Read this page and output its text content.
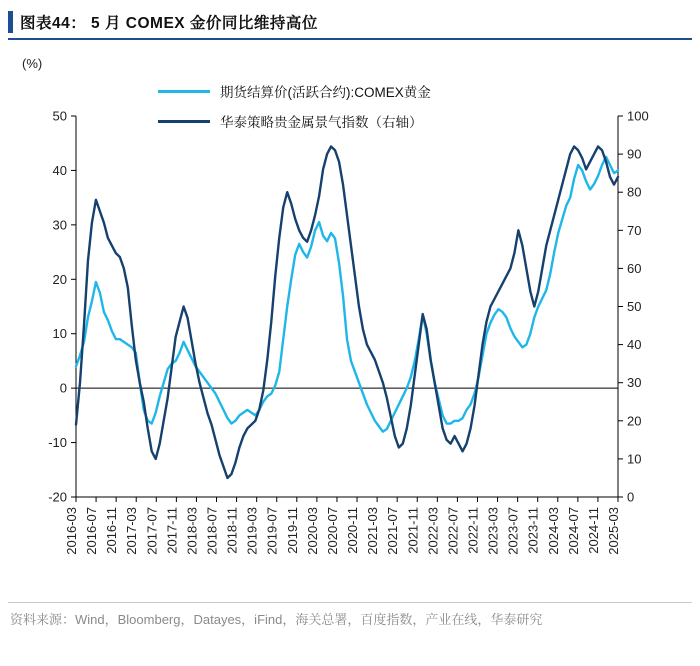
图表44： 5 月 COMEX 金价同比维持高位
(%)
期货结算价(活跃合约):COMEX黄金
华泰策略贵金属景气指数（右轴）
-20
-10
0
10
20
30
40
50
0
10
20
30
40
50
60
70
80
90
100
2016-03 2016-07 2016-11 2017-03 2017-07 2017-11 2018-03 2018-07 2018-11 2019-03 2019-07 2019-11 2020-03 2020-07 2020-11 2021-03 2021-07 2021-11 2022-03 2022-07 2022-11 2023-03 2023-07 2023-11 2024-03 2024-07 2024-11 2025-03
资料来源：Wind，Bloomberg，Datayes，iFind，海关总署，百度指数，产业在线，华泰研究
